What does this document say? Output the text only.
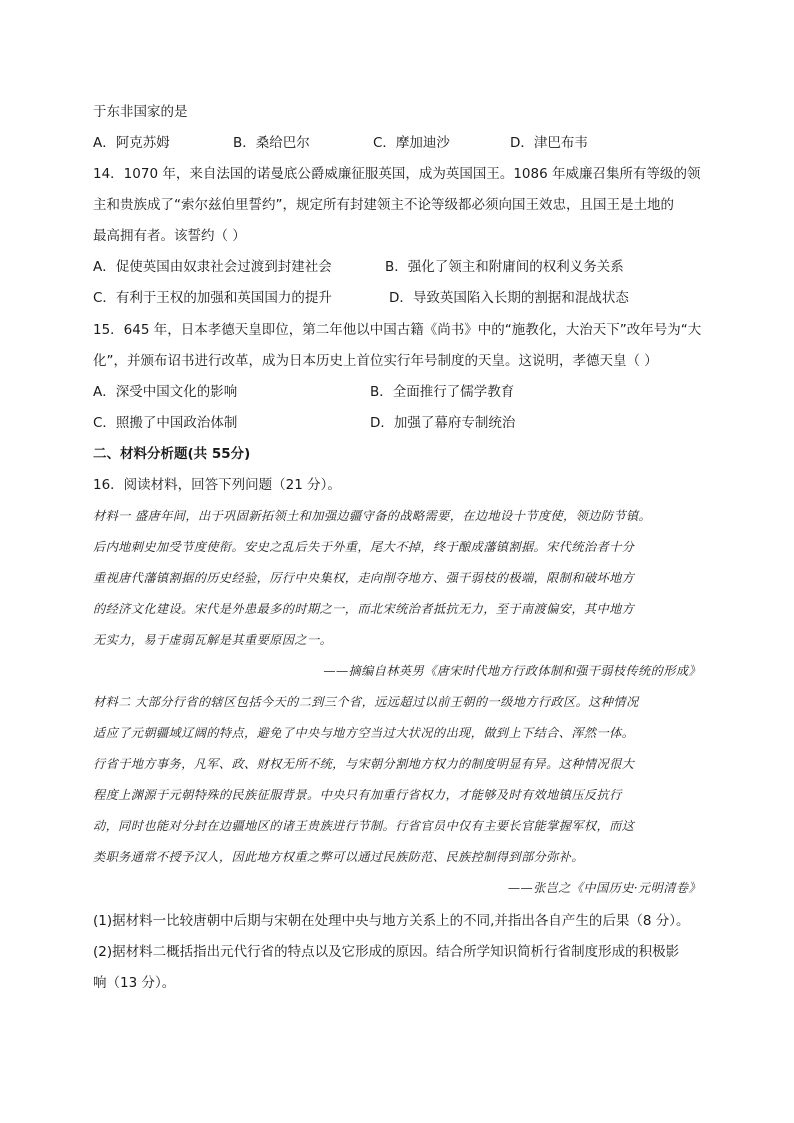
于东非国家的是
A．阿克苏姆	B．桑给巴尔	C．摩加迪沙	D．津巴布韦
14．1070 年，来自法国的诺曼底公爵威廉征服英国，成为英国国王。1086 年威廉召集所有等级的领
主和贵族成了“索尔兹伯里誓约”，规定所有封建领主不论等级都必须向国王效忠，且国王是土地的
最高拥有者。该誓约（ ）
A．促使英国由奴隶社会过渡到封建社会	B．强化了领主和附庸间的权利义务关系
C．有利于王权的加强和英国国力的提升	D．导致英国陷入长期的割据和混战状态
15．645 年，日本孝德天皇即位，第二年他以中国古籍《尚书》中的“施教化，大治天下”改年号为“大
化”，并颁布诏书进行改革，成为日本历史上首位实行年号制度的天皇。这说明，孝德天皇（ ）
A．深受中国文化的影响	B．全面推行了儒学教育
C．照搬了中国政治体制	D．加强了幕府专制统治
二、材料分析题(共 55分)
16．阅读材料，回答下列问题（21 分）。
材料一 盛唐年间，出于巩固新拓领土和加强边疆守备的战略需要，在边地设十节度使，领边防节镇。
后内地刺史加受节度使衔。安史之乱后失于外重，尾大不掉，终于酿成藩镇割据。宋代统治者十分
重视唐代藩镇割据的历史经验，厉行中央集权，走向削夺地方、强干弱枝的极端，限制和破坏地方
的经济文化建设。宋代是外患最多的时期之一，而北宋统治者抵抗无力，至于南渡偏安，其中地方
无实力，易于虚弱瓦解是其重要原因之一。
——摘编自林英男《唐宋时代地方行政体制和强干弱枝传统的形成》
材料二 大部分行省的辖区包括今天的二到三个省，远远超过以前王朝的一级地方行政区。这种情况
适应了元朝疆域辽阔的特点，避免了中央与地方空当过大状况的出现，做到上下结合、浑然一体。
行省于地方事务，凡军、政、财权无所不统，与宋朝分割地方权力的制度明显有异。这种情况很大
程度上渊源于元朝特殊的民族征服背景。中央只有加重行省权力，才能够及时有效地镇压反抗行
动，同时也能对分封在边疆地区的诸王贵族进行节制。行省官员中仅有主要长官能掌握军权，而这
类职务通常不授予汉人，因此地方权重之弊可以通过民族防范、民族控制得到部分弥补。
——张岂之《中国历史·元明清卷》
(1)据材料一比较唐朝中后期与宋朝在处理中央与地方关系上的不同,并指出各自产生的后果（8 分）。
(2)据材料二概括指出元代行省的特点以及它形成的原因。结合所学知识简析行省制度形成的积极影
响（13 分）。
